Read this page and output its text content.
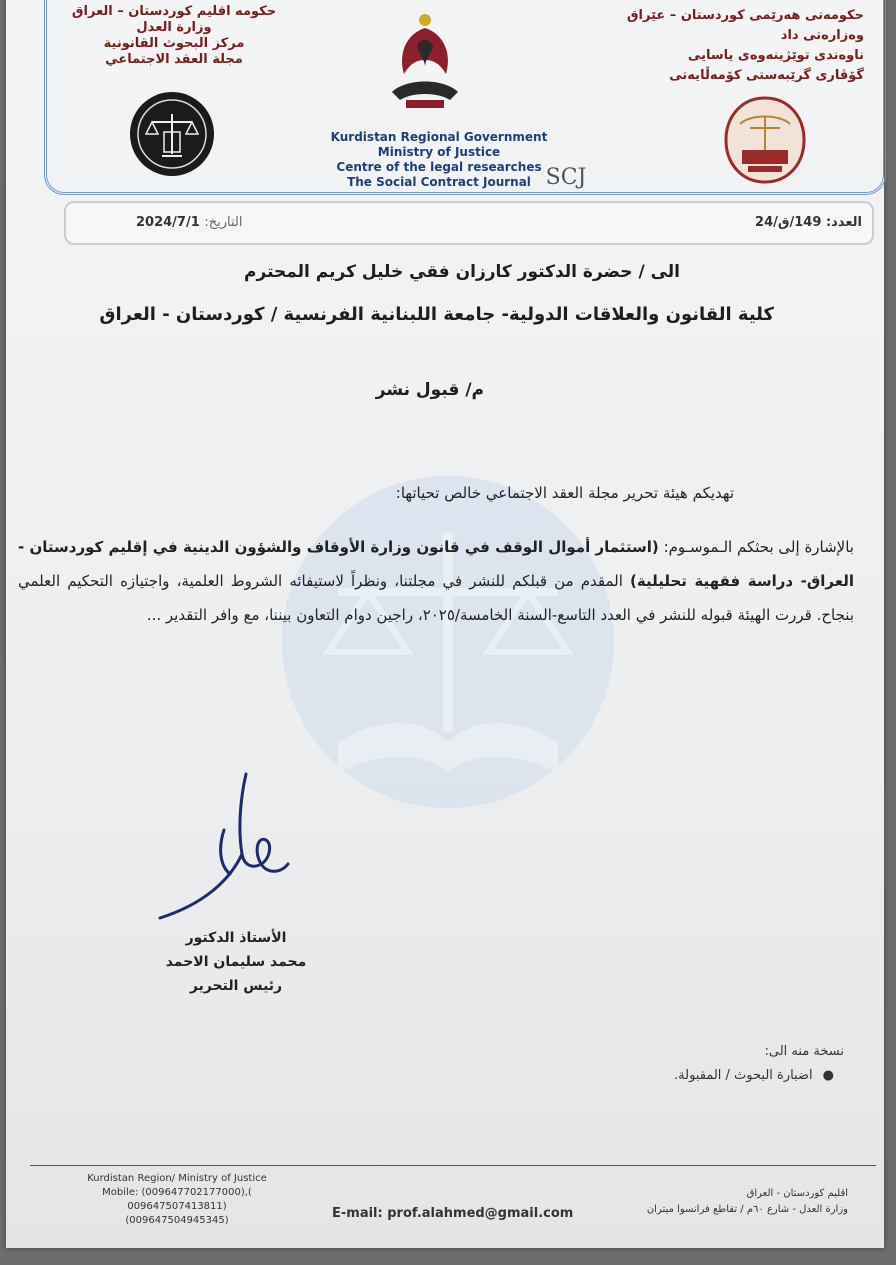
حكومه اقليم كوردستان – العراق
وزارة العدل
مركز البحوث القانونية
مجلة العقد الاجتماعي
Kurdistan Regional Government
Ministry of Justice
Centre of the legal researches
The Social Contract Journal SCJ
حکومەتی هەرێمی کوردستان – عێراق
وەزارەتی داد
ناوەندی توێژینەوەی یاسایی
گۆڤاری گرێبەستی کۆمەڵایەتی
التاريخ: 2024/7/1	العدد: 149/ق/24
الى / حضرة الدكتور كارزان فقي خليل كريم المحترم
كلية القانون والعلاقات الدولية- جامعة اللبنانية الفرنسية / كوردستان - العراق
م/ قبول نشر
تهديكم هيئة تحرير مجلة العقد الاجتماعي خالص تحياتها:
بالإشارة إلى بحثكم الـموسـوم: (استثمار أموال الوقف في قانون وزارة الأوقاف والشؤون الدينية في إقليم كوردستان - العراق- دراسة فقهية تحليلية) المقدم من قبلكم للنشر في مجلتنا، ونظراً لاستيفائه الشروط العلمية، واجتيازه التحكيم العلمي بنجاح. قررت الهيئة قبوله للنشر في العدد التاسع-السنة الخامسة/٢٠٢٥، راجين دوام التعاون بيننا، مع وافر التقدير ...
الأستاذ الدكتور
محمد سليمان الاحمد
رئيس التحرير
نسخة منه الى:
●اضبارة البحوث / المقبولة.
Kurdistan Region/ Ministry of Justice
Mobile: (009647702177000),( 009647507413811)
(009647504945345)	E-mail: prof.alahmed@gmail.com
اقليم كوردستان - العراق
وزارة العدل - شارع ٦٠م / تقاطع فرانسوا ميتران
